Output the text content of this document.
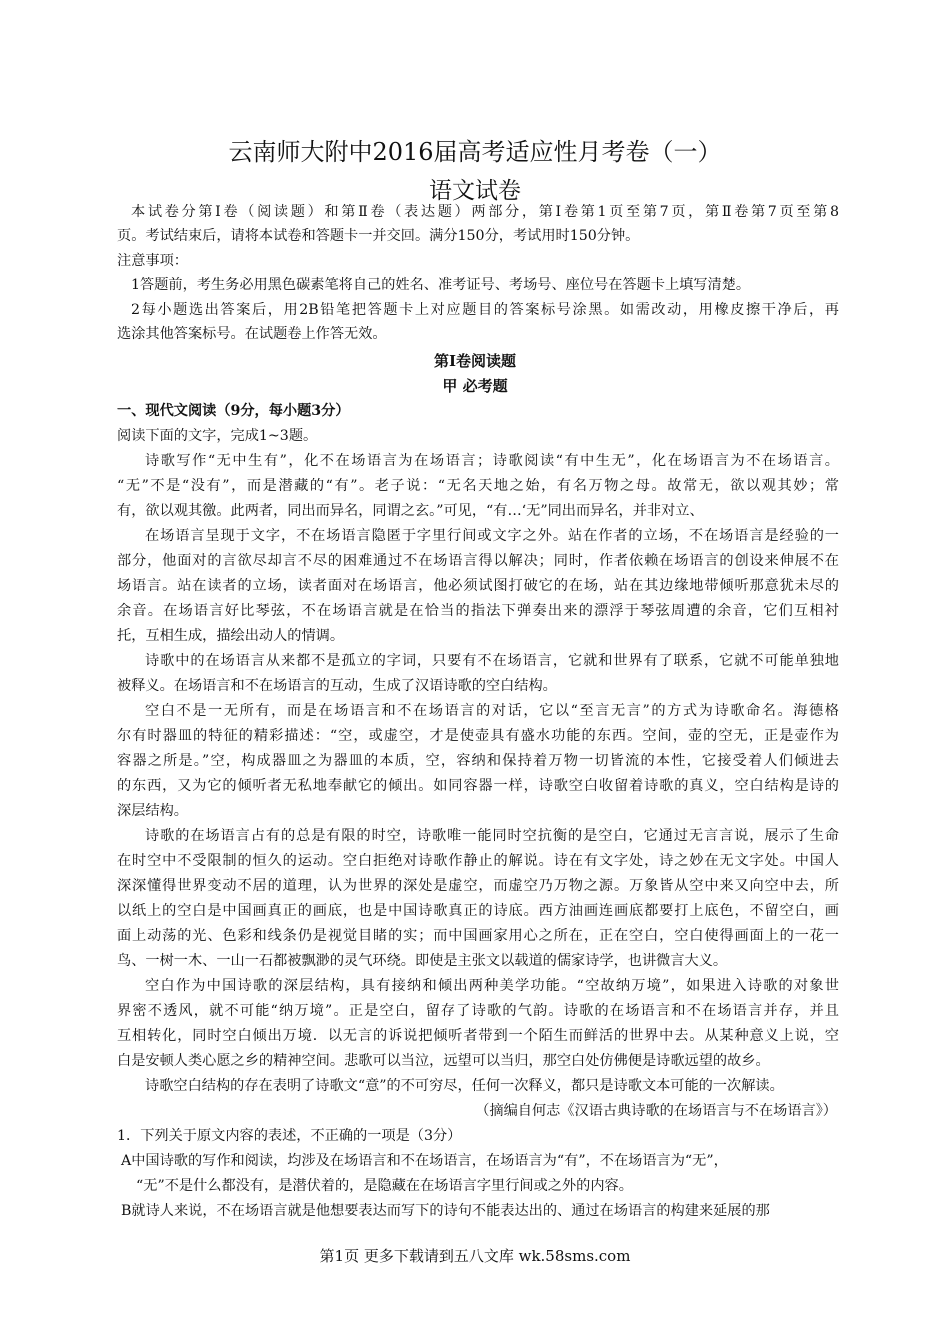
云南师大附中2016届高考适应性月考卷（一）
语文试卷

本试卷分第Ⅰ卷（阅读题）和第Ⅱ卷（表达题）两部分，第Ⅰ卷第1页至第7页，第Ⅱ卷第7页至第8

页。考试结束后，请将本试卷和答题卡一并交回。满分150分，考试用时150分钟。

注意事项：

1答题前，考生务必用黑色碳素笔将自己的姓名、准考证号、考场号、座位号在答题卡上填写清楚。

2每小题选出答案后，用2B铅笔把答题卡上对应题目的答案标号涂黑。如需改动，用橡皮擦干净后，再

选涂其他答案标号。在试题卷上作答无效。

第Ⅰ卷阅读题

甲 必考题

一、现代文阅读（9分，每小题3分）

阅读下面的文字，完成1~3题。

诗歌写作“无中生有”，化不在场语言为在场语言；诗歌阅读“有中生无”，化在场语言为不在场语言。

“无”不是“没有”，而是潜藏的“有”。老子说：“无名天地之始，有名万物之母。故常无，欲以观其妙；常

有，欲以观其徼。此两者，同出而异名，同谓之玄。”可见，“有…‘无”同出而异名，并非对立、

在场语言呈现于文字，不在场语言隐匿于字里行间或文字之外。站在作者的立场，不在场语言是经验的一

部分，他面对的言欲尽却言不尽的困难通过不在场语言得以解决；同时，作者依赖在场语言的创设来伸展不在

场语言。站在读者的立场，读者面对在场语言，他必须试图打破它的在场，站在其边缘地带倾听那意犹未尽的

余音。在场语言好比琴弦，不在场语言就是在恰当的指法下弹奏出来的漂浮于琴弦周遭的余音，它们互相衬

托，互相生成，描绘出动人的情调。

诗歌中的在场语言从来都不是孤立的字词，只要有不在场语言，它就和世界有了联系，它就不可能单独地

被释义。在场语言和不在场语言的互动，生成了汉语诗歌的空白结构。

空白不是一无所有，而是在场语言和不在场语言的对话，它以“至言无言”的方式为诗歌命名。海德格

尔有时器皿的特征的精彩描述：“空，或虚空，才是使壶具有盛水功能的东西。空间，壶的空无，正是壶作为

容器之所是。”空，构成器皿之为器皿的本质，空，容纳和保持着万物一切皆流的本性，它接受着人们倾进去

的东西，又为它的倾听者无私地奉献它的倾出。如同容器一样，诗歌空白收留着诗歌的真义，空白结构是诗的

深层结构。

诗歌的在场语言占有的总是有限的时空，诗歌唯一能同时空抗衡的是空白，它通过无言言说，展示了生命

在时空中不受限制的恒久的运动。空白拒绝对诗歌作静止的解说。诗在有文字处，诗之妙在无文字处。中国人

深深懂得世界变动不居的道理，认为世界的深处是虚空，而虚空乃万物之源。万象皆从空中来又向空中去，所

以纸上的空白是中国画真正的画底，也是中国诗歌真正的诗底。西方油画连画底都要打上底色，不留空白，画

面上动荡的光、色彩和线条仍是视觉目睹的实；而中国画家用心之所在，正在空白，空白使得画面上的一花一

鸟、一树一木、一山一石都被飘渺的灵气环绕。即使是主张文以载道的儒家诗学，也讲微言大义。

空白作为中国诗歌的深层结构，具有接纳和倾出两种美学功能。“空故纳万境”，如果进入诗歌的对象世

界密不透风，就不可能“纳万境”。正是空白，留存了诗歌的气韵。诗歌的在场语言和不在场语言并存，并且

互相转化，同时空白倾出万境．以无言的诉说把倾听者带到一个陌生而鲜活的世界中去。从某种意义上说，空

白是安顿人类心愿之乡的精神空间。悲歌可以当泣，远望可以当归，那空白处仿佛便是诗歌远望的故乡。

诗歌空白结构的存在表明了诗歌文“意”的不可穷尽，任何一次释义，都只是诗歌文本可能的一次解读。

（摘编自何志《汉语古典诗歌的在场语言与不在场语言》）

1．下列关于原文内容的表述，不正确的一项是（3分）

A中国诗歌的写作和阅读，均涉及在场语言和不在场语言，在场语言为“有”，不在场语言为“无”，

“无”不是什么都没有，是潜伏着的，是隐藏在在场语言字里行间或之外的内容。

B就诗人来说，不在场语言就是他想要表达而写下的诗句不能表达出的、通过在场语言的构建来延展的那

第1页 更多下载请到五八文库 wk.58sms.com
